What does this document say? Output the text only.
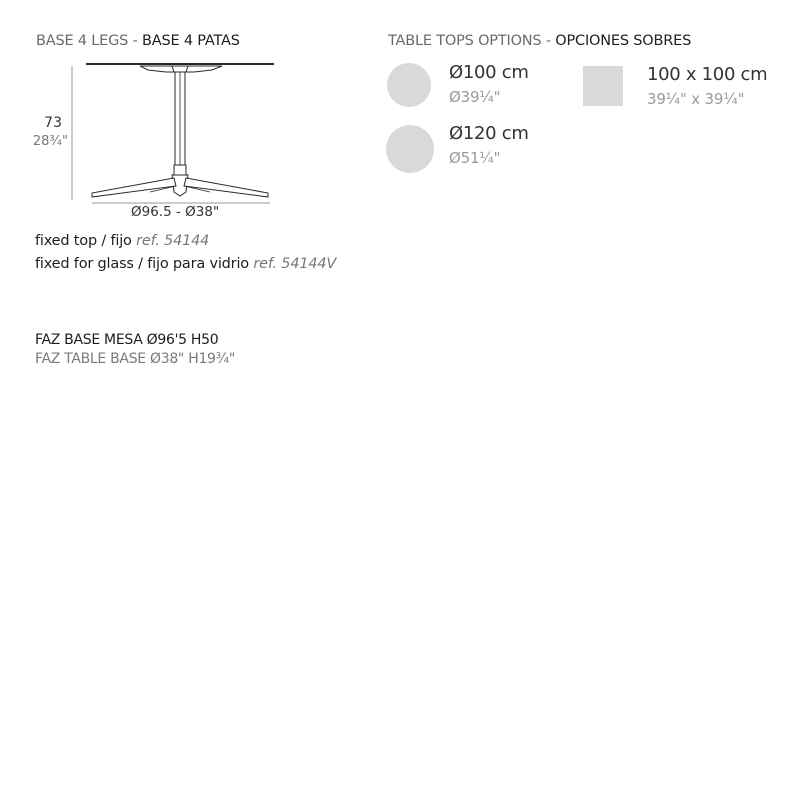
BASE 4 LEGS - BASE 4 PATAS
73
28¾"
Ø96.5 - Ø38"
fixed top / fijo ref. 54144
fixed for glass / fijo para vidrio ref. 54144V
FAZ BASE MESA Ø96'5 H50
FAZ TABLE BASE Ø38" H19¾"
TABLE TOPS OPTIONS - OPCIONES SOBRES
Ø100 cm
Ø39¼"
Ø120 cm
Ø51¼"
100 x 100 cm
39¼" x 39¼"
